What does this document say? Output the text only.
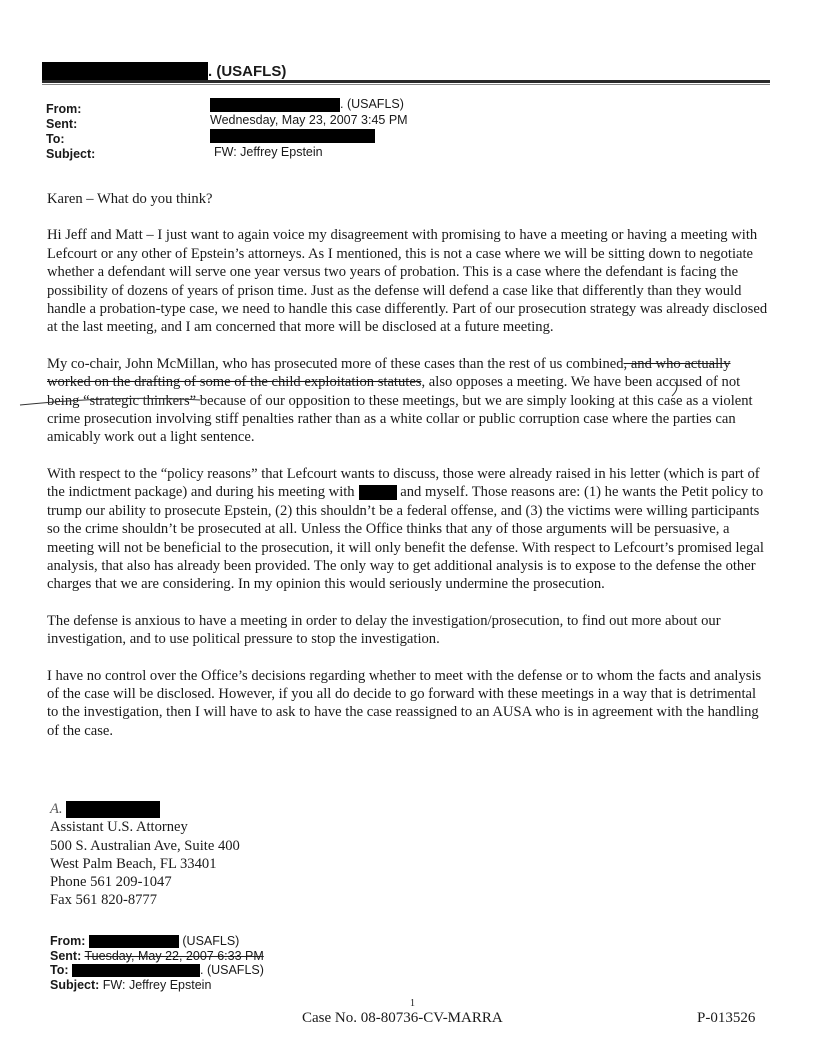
. (USAFLS)
From:	. (USAFLS)
Sent:	Wednesday, May 23, 2007 3:45 PM
To:
Subject:	FW: Jeffrey Epstein

Karen – What do you think?

Hi Jeff and Matt – I just want to again voice my disagreement with promising to have a meeting or having a meeting with Lefcourt or any other of Epstein’s attorneys. As I mentioned, this is not a case where we will be sitting down to negotiate whether a defendant will serve one year versus two years of probation. This is a case where the defendant is facing the possibility of dozens of years of prison time. Just as the defense will defend a case like that differently than they would handle a probation-type case, we need to handle this case differently. Part of our prosecution strategy was already disclosed at the last meeting, and I am concerned that more will be disclosed at a future meeting.

My co-chair, John McMillan, who has prosecuted more of these cases than the rest of us combined, and who actually worked on the drafting of some of the child exploitation statutes, also opposes a meeting. We have been accused of not being “strategic thinkers” because of our opposition to these meetings, but we are simply looking at this case as a violent crime prosecution involving stiff penalties rather than as a white collar or public corruption case where the parties can amicably work out a light sentence.

With respect to the “policy reasons” that Lefcourt wants to discuss, those were already raised in his letter (which is part of the indictment package) and during his meeting with	and myself. Those reasons are: (1) he wants the Petit policy to trump our ability to prosecute Epstein, (2) this shouldn’t be a federal offense, and (3) the victims were willing participants so the crime shouldn’t be prosecuted at all. Unless the Office thinks that any of those arguments will be persuasive, a meeting will not be beneficial to the prosecution, it will only benefit the defense. With respect to Lefcourt’s promised legal analysis, that also has already been provided. The only way to get additional analysis is to expose to the defense the other charges that we are considering. In my opinion this would seriously undermine the prosecution.

The defense is anxious to have a meeting in order to delay the investigation/prosecution, to find out more about our investigation, and to use political pressure to stop the investigation.

I have no control over the Office’s decisions regarding whether to meet with the defense or to whom the facts and analysis of the case will be disclosed. However, if you all do decide to go forward with these meetings in a way that is detrimental to the investigation, then I will have to ask to have the case reassigned to an AUSA who is in agreement with the handling of the case.

A.
Assistant U.S. Attorney
500 S. Australian Ave, Suite 400
West Palm Beach, FL 33401
Phone 561 209-1047
Fax 561 820-8777
From:	(USAFLS)
Sent: Tuesday, May 22, 2007 6:33 PM
To:	. (USAFLS)
Subject: FW: Jeffrey Epstein
1
Case No. 08-80736-CV-MARRA	P-013526
